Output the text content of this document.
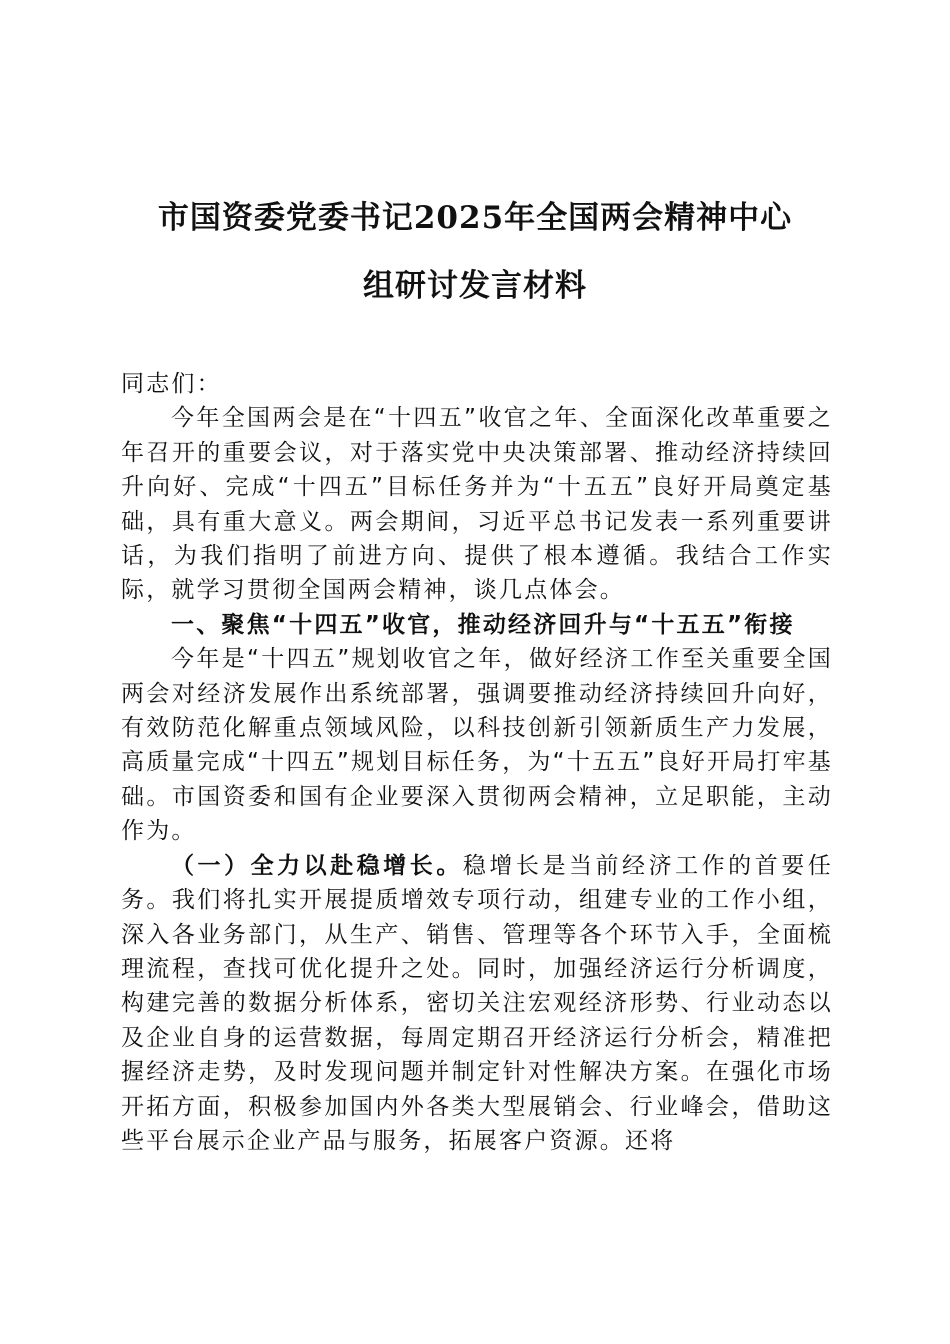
市国资委党委书记2025年全国两会精神中心
组研讨发言材料

同志们：

今年全国两会是在“十四五”收官之年、全面深化改革重要之年召开的重要会议，对于落实党中央决策部署、推动经济持续回升向好、完成“十四五”目标任务并为“十五五”良好开局奠定基础，具有重大意义。两会期间，习近平总书记发表一系列重要讲话，为我们指明了前进方向、提供了根本遵循。我结合工作实际，就学习贯彻全国两会精神，谈几点体会。

一、聚焦“十四五”收官，推动经济回升与“十五五”衔接

今年是“十四五”规划收官之年，做好经济工作至关重要全国两会对经济发展作出系统部署，强调要推动经济持续回升向好，有效防范化解重点领域风险，以科技创新引领新质生产力发展，高质量完成“十四五”规划目标任务，为“十五五”良好开局打牢基础。市国资委和国有企业要深入贯彻两会精神，立足职能，主动作为。

（一）全力以赴稳增长。稳增长是当前经济工作的首要任务。我们将扎实开展提质增效专项行动，组建专业的工作小组，深入各业务部门，从生产、销售、管理等各个环节入手，全面梳理流程，查找可优化提升之处。同时，加强经济运行分析调度，构建完善的数据分析体系，密切关注宏观经济形势、行业动态以及企业自身的运营数据，每周定期召开经济运行分析会，精准把握经济走势，及时发现问题并制定针对性解决方案。在强化市场开拓方面，积极参加国内外各类大型展销会、行业峰会，借助这些平台展示企业产品与服务，拓展客户资源。还将
